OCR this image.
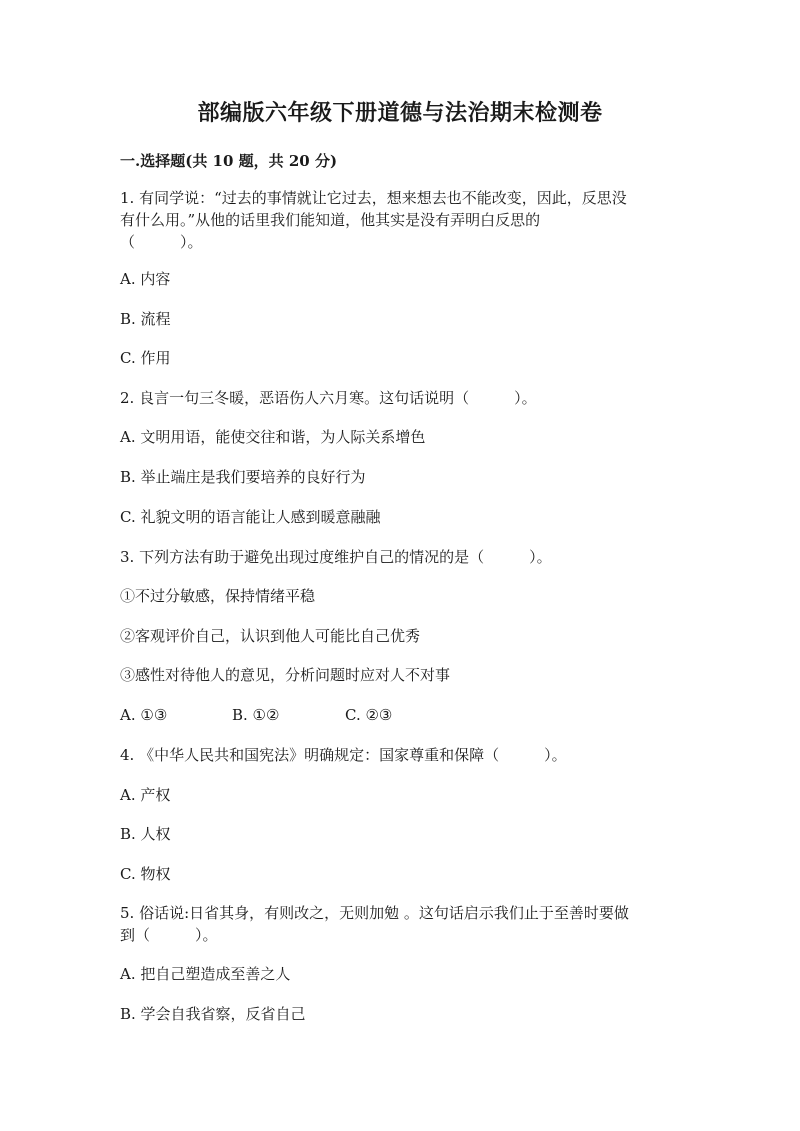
部编版六年级下册道德与法治期末检测卷
一.选择题(共 10 题，共 20 分)
1. 有同学说：“过去的事情就让它过去，想来想去也不能改变，因此，反思没
有什么用。”从他的话里我们能知道，他其实是没有弄明白反思的
（　　　）。
A. 内容
B. 流程
C. 作用
2. 良言一句三冬暖，恶语伤人六月寒。这句话说明（　　　）。
A. 文明用语，能使交往和谐，为人际关系增色
B. 举止端庄是我们要培养的良好行为
C. 礼貌文明的语言能让人感到暖意融融
3. 下列方法有助于避免出现过度维护自己的情况的是（　　　）。
①不过分敏感，保持情绪平稳
②客观评价自己，认识到他人可能比自己优秀
③感性对待他人的意见，分析问题时应对人不对事
A. ①③	B. ①②	C. ②③
4. 《中华人民共和国宪法》明确规定：国家尊重和保障（　　　）。
A. 产权
B. 人权
C. 物权
5. 俗话说:日省其身，有则改之，无则加勉 。这句话启示我们止于至善时要做
到（　　　）。
A. 把自己塑造成至善之人
B. 学会自我省察，反省自己
